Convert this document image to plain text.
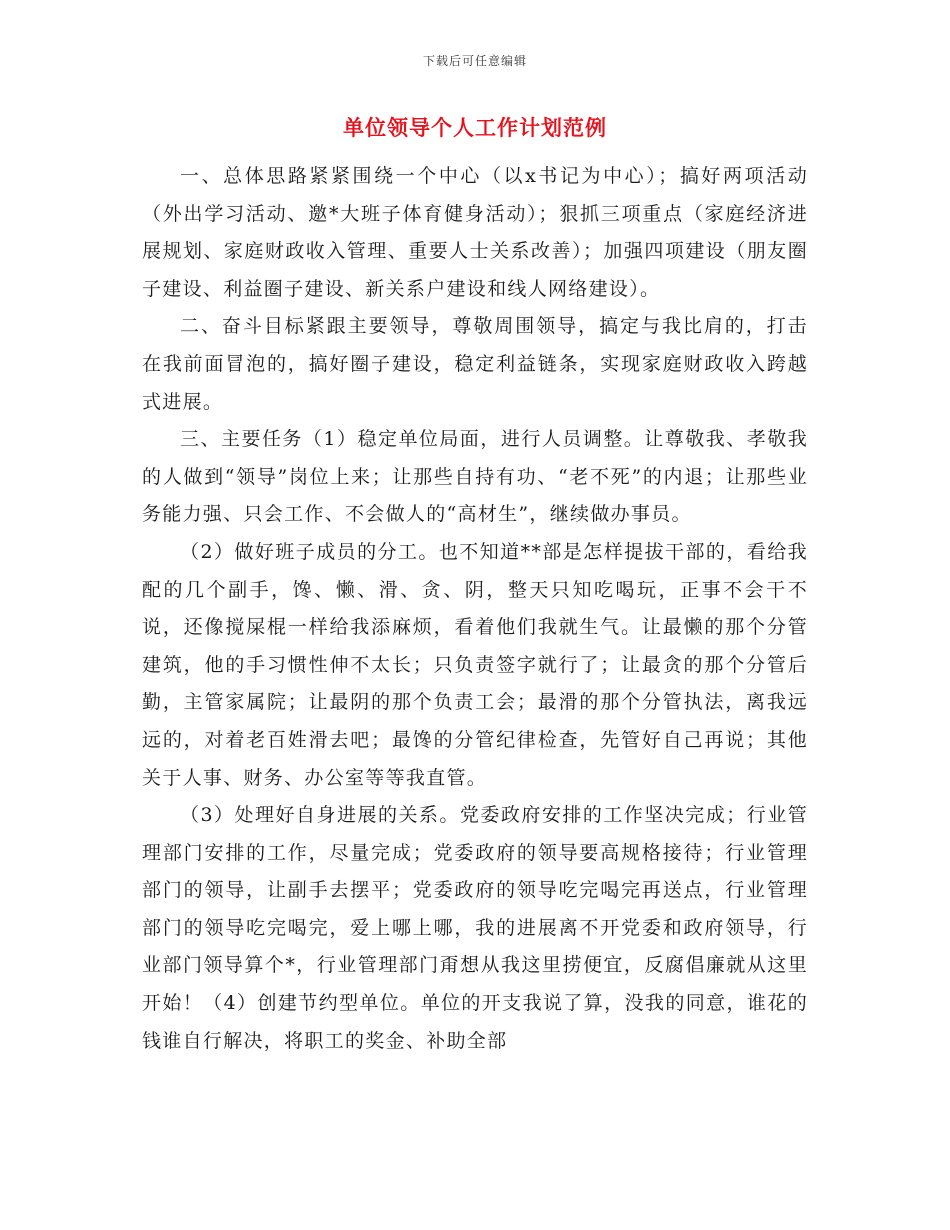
下载后可任意编辑
单位领导个人工作计划范例

一、总体思路紧紧围绕一个中心（以x书记为中心）；搞好两项活动（外出学习活动、邀*大班子体育健身活动）；狠抓三项重点（家庭经济进展规划、家庭财政收入管理、重要人士关系改善）；加强四项建设（朋友圈子建设、利益圈子建设、新关系户建设和线人网络建设）。

二、奋斗目标紧跟主要领导，尊敬周围领导，搞定与我比肩的，打击在我前面冒泡的，搞好圈子建设，稳定利益链条，实现家庭财政收入跨越式进展。

三、主要任务（1）稳定单位局面，进行人员调整。让尊敬我、孝敬我的人做到“领导”岗位上来；让那些自持有功、“老不死”的内退；让那些业务能力强、只会工作、不会做人的“高材生”，继续做办事员。

（2）做好班子成员的分工。也不知道**部是怎样提拔干部的，看给我配的几个副手，馋、懒、滑、贪、阴，整天只知吃喝玩，正事不会干不说，还像搅屎棍一样给我添麻烦，看着他们我就生气。让最懒的那个分管建筑，他的手习惯性伸不太长；只负责签字就行了；让最贪的那个分管后勤，主管家属院；让最阴的那个负责工会；最滑的那个分管执法，离我远远的，对着老百姓滑去吧；最馋的分管纪律检查，先管好自己再说；其他关于人事、财务、办公室等等我直管。

（3）处理好自身进展的关系。党委政府安排的工作坚决完成；行业管理部门安排的工作，尽量完成；党委政府的领导要高规格接待；行业管理部门的领导，让副手去摆平；党委政府的领导吃完喝完再送点，行业管理部门的领导吃完喝完，爱上哪上哪，我的进展离不开党委和政府领导，行业部门领导算个*，行业管理部门甭想从我这里捞便宜，反腐倡廉就从这里开始！（4）创建节约型单位。单位的开支我说了算，没我的同意，谁花的钱谁自行解决，将职工的奖金、补助全部
